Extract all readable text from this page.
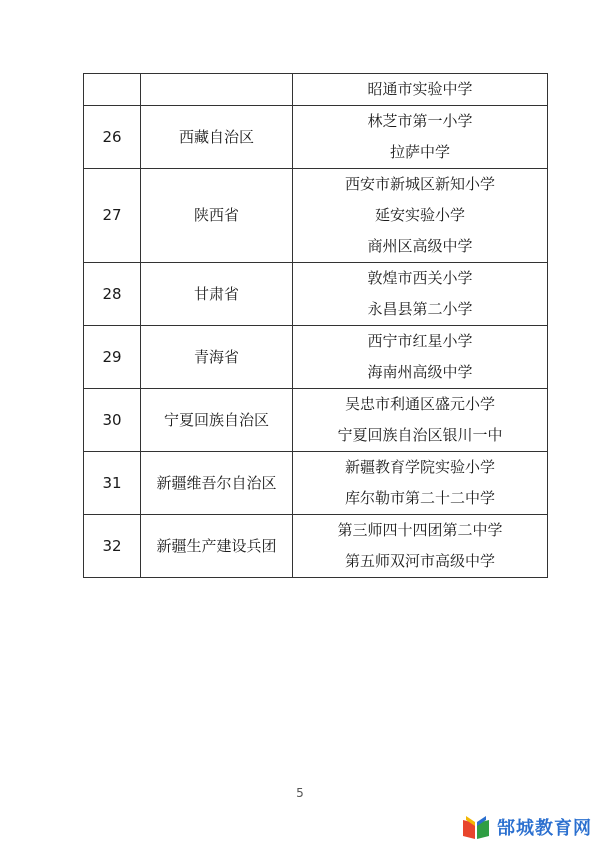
		昭通市实验中学

26	西藏自治区	林芝市第一小学
拉萨中学

27	陕西省	西安市新城区新知小学
延安实验小学
商州区高级中学

28	甘肃省	敦煌市西关小学
永昌县第二小学

29	青海省	西宁市红星小学
海南州高级中学

30	宁夏回族自治区	吴忠市利通区盛元小学
宁夏回族自治区银川一中

31	新疆维吾尔自治区	新疆教育学院实验小学
库尔勒市第二十二中学

32	新疆生产建设兵团	第三师四十四团第二中学
第五师双河市高级中学
5
郜城教育网
